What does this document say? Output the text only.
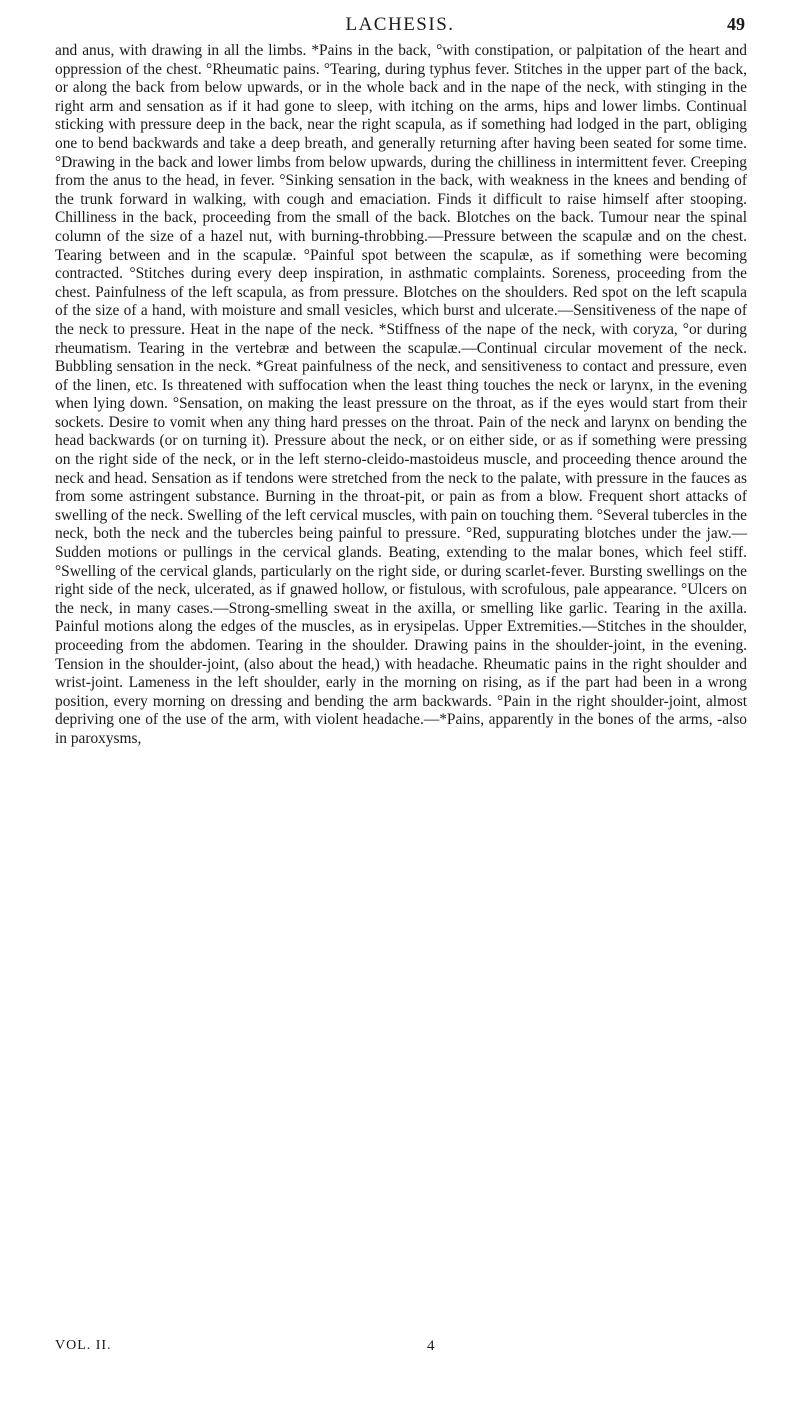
LACHESIS.	49

and anus, with drawing in all the limbs. *Pains in the back, °with constipation, or palpitation of the heart and oppression of the chest. °Rheumatic pains. °Tearing, during typhus fever. Stitches in the upper part of the back, or along the back from below upwards, or in the whole back and in the nape of the neck, with stinging in the right arm and sensation as if it had gone to sleep, with itching on the arms, hips and lower limbs. Continual sticking with pressure deep in the back, near the right scapula, as if something had lodged in the part, obliging one to bend backwards and take a deep breath, and generally returning after having been seated for some time. °Drawing in the back and lower limbs from below upwards, during the chilliness in intermittent fever. Creeping from the anus to the head, in fever. °Sinking sensation in the back, with weakness in the knees and bending of the trunk forward in walking, with cough and emaciation. Finds it difficult to raise himself after stooping. Chilliness in the back, proceeding from the small of the back. Blotches on the back. Tumour near the spinal column of the size of a hazel nut, with burning-throbbing.—Pressure between the scapulæ and on the chest. Tearing between and in the scapulæ. °Painful spot between the scapulæ, as if something were becoming contracted. °Stitches during every deep inspiration, in asthmatic complaints. Soreness, proceeding from the chest. Painfulness of the left scapula, as from pressure. Blotches on the shoulders. Red spot on the left scapula of the size of a hand, with moisture and small vesicles, which burst and ulcerate.—Sensitiveness of the nape of the neck to pressure. Heat in the nape of the neck. *Stiffness of the nape of the neck, with coryza, °or during rheumatism. Tearing in the vertebræ and between the scapulæ.—Continual circular movement of the neck. Bubbling sensation in the neck. *Great painfulness of the neck, and sensitiveness to contact and pressure, even of the linen, etc. Is threatened with suffocation when the least thing touches the neck or larynx, in the evening when lying down. °Sensation, on making the least pressure on the throat, as if the eyes would start from their sockets. Desire to vomit when any thing hard presses on the throat. Pain of the neck and larynx on bending the head backwards (or on turning it). Pressure about the neck, or on either side, or as if something were pressing on the right side of the neck, or in the left sterno-cleido-mastoideus muscle, and proceeding thence around the neck and head. Sensation as if tendons were stretched from the neck to the palate, with pressure in the fauces as from some astringent substance. Burning in the throat-pit, or pain as from a blow. Frequent short attacks of swelling of the neck. Swelling of the left cervical muscles, with pain on touching them. °Several tubercles in the neck, both the neck and the tubercles being painful to pressure. °Red, suppurating blotches under the jaw.—Sudden motions or pullings in the cervical glands. Beating, extending to the malar bones, which feel stiff. °Swelling of the cervical glands, particularly on the right side, or during scarlet-fever. Bursting swellings on the right side of the neck, ulcerated, as if gnawed hollow, or fistulous, with scrofulous, pale appearance. °Ulcers on the neck, in many cases.—Strong-smelling sweat in the axilla, or smelling like garlic. Tearing in the axilla. Painful motions along the edges of the muscles, as in erysipelas. Upper Extremities.—Stitches in the shoulder, proceeding from the abdomen. Tearing in the shoulder. Drawing pains in the shoulder-joint, in the evening. Tension in the shoulder-joint, (also about the head,) with headache. Rheumatic pains in the right shoulder and wrist-joint. Lameness in the left shoulder, early in the morning on rising, as if the part had been in a wrong position, every morning on dressing and bending the arm backwards. °Pain in the right shoulder-joint, almost depriving one of the use of the arm, with violent headache.—*Pains, apparently in the bones of the arms, -also in paroxysms,

VOL. II.	4
